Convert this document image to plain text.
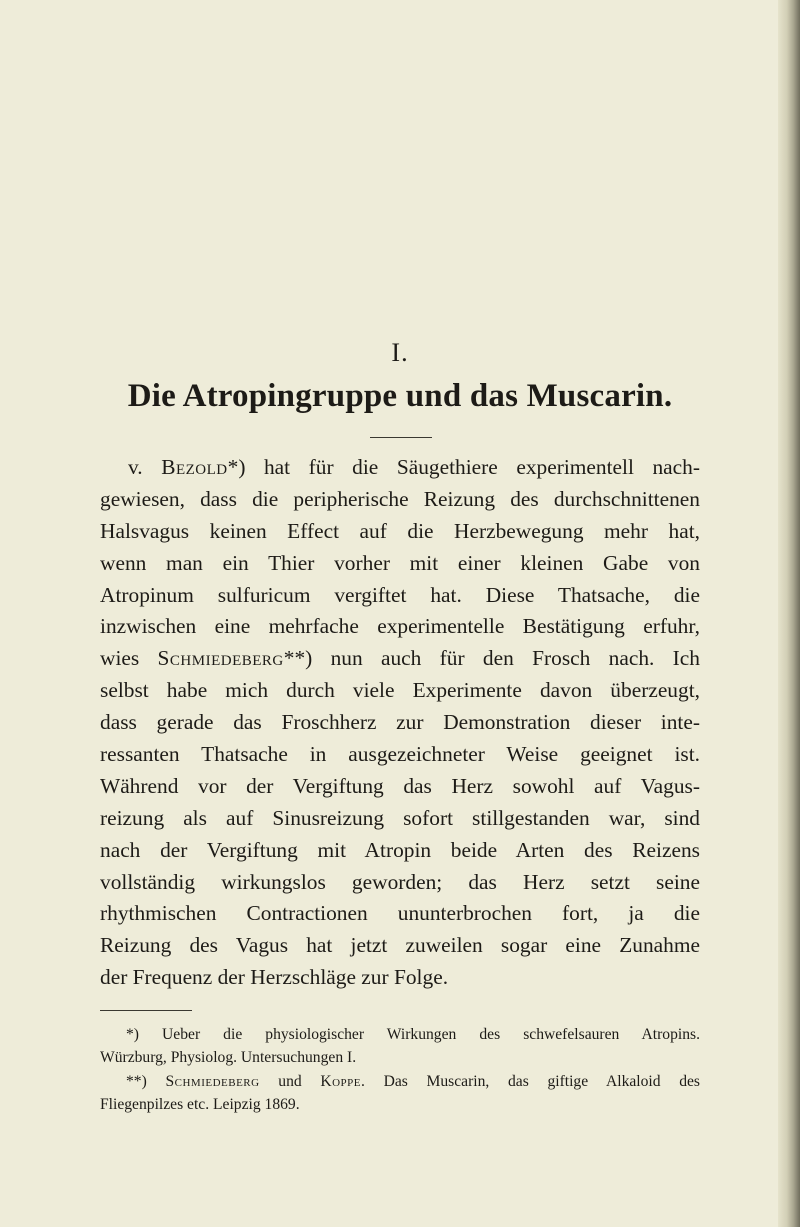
I.
Die Atropingruppe und das Muscarin.
v. Bezold*) hat für die Säugethiere experimentell nach-
gewiesen, dass die peripherische Reizung des durchschnittenen
Halsvagus keinen Effect auf die Herzbewegung mehr hat,
wenn man ein Thier vorher mit einer kleinen Gabe von
Atropinum sulfuricum vergiftet hat. Diese Thatsache, die
inzwischen eine mehrfache experimentelle Bestätigung erfuhr,
wies Schmiedeberg**) nun auch für den Frosch nach. Ich
selbst habe mich durch viele Experimente davon überzeugt,
dass gerade das Froschherz zur Demonstration dieser inte-
ressanten Thatsache in ausgezeichneter Weise geeignet ist.
Während vor der Vergiftung das Herz sowohl auf Vagus-
reizung als auf Sinusreizung sofort stillgestanden war, sind
nach der Vergiftung mit Atropin beide Arten des Reizens
vollständig wirkungslos geworden; das Herz setzt seine
rhythmischen Contractionen ununterbrochen fort, ja die
Reizung des Vagus hat jetzt zuweilen sogar eine Zunahme
der Frequenz der Herzschläge zur Folge.
*) Ueber die physiologischer Wirkungen des schwefelsauren Atropins.
Würzburg, Physiolog. Untersuchungen I.
**) Schmiedeberg und Koppe. Das Muscarin, das giftige Alkaloid des
Fliegenpilzes etc. Leipzig 1869.
